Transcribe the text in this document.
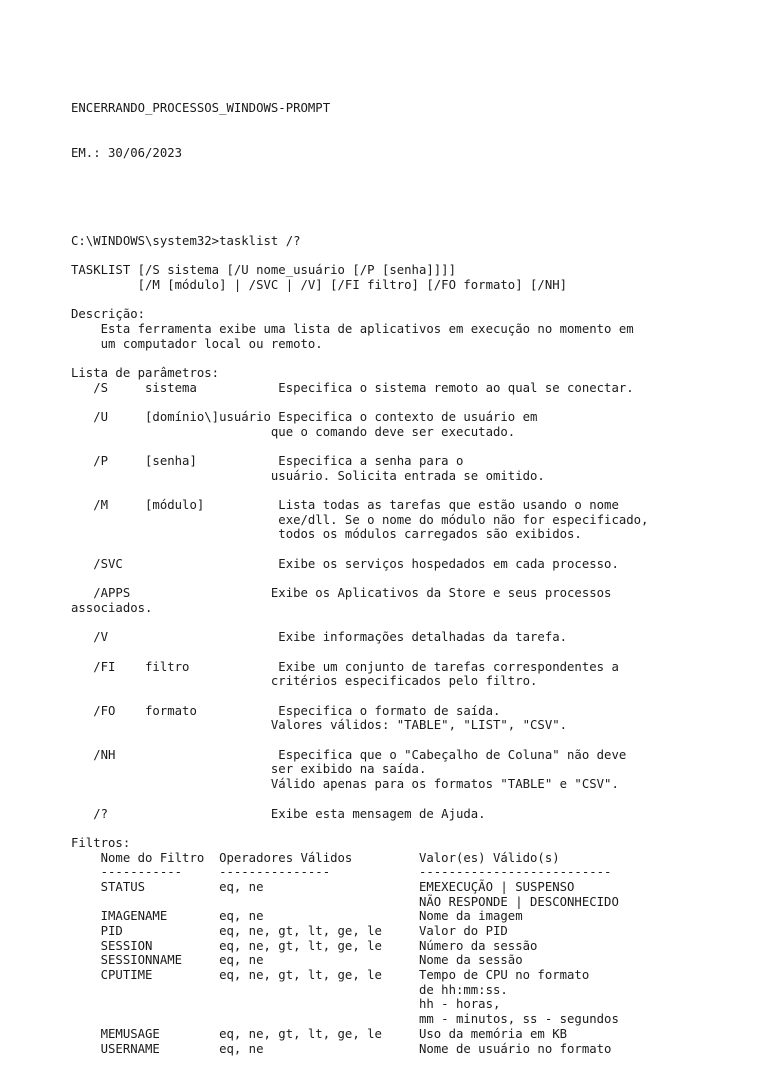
ENCERRANDO_PROCESSOS_WINDOWS-PROMPT

EM.: 30/06/2023

C:\WINDOWS\system32>tasklist /?
TASKLIST [/S sistema [/U nome_usuário [/P [senha]]]]
[/M [módulo] | /SVC | /V] [/FI filtro] [/FO formato] [/NH]
Descrição:
Esta ferramenta exibe uma lista de aplicativos em execução no momento em
um computador local ou remoto.
Lista de parâmetros:
/S     sistema           Especifica o sistema remoto ao qual se conectar.
/U     [domínio\]usuário Especifica o contexto de usuário em
que o comando deve ser executado.
/P     [senha]           Especifica a senha para o
usuário. Solicita entrada se omitido.
/M     [módulo]          Lista todas as tarefas que estão usando o nome
exe/dll. Se o nome do módulo não for especificado,
todos os módulos carregados são exibidos.
/SVC                     Exibe os serviços hospedados em cada processo.
/APPS                   Exibe os Aplicativos da Store e seus processos
associados.
/V                       Exibe informações detalhadas da tarefa.
/FI    filtro            Exibe um conjunto de tarefas correspondentes a
critérios especificados pelo filtro.
/FO    formato           Especifica o formato de saída.
Valores válidos: "TABLE", "LIST", "CSV".
/NH                      Especifica que o "Cabeçalho de Coluna" não deve
ser exibido na saída.
Válido apenas para os formatos "TABLE" e "CSV".
/?                      Exibe esta mensagem de Ajuda.
Filtros:
Nome do Filtro  Operadores Válidos         Valor(es) Válido(s)
-----------     ---------------            --------------------------
STATUS          eq, ne                     EMEXECUÇÃO | SUSPENSO
NÃO RESPONDE | DESCONHECIDO
IMAGENAME       eq, ne                     Nome da imagem
PID             eq, ne, gt, lt, ge, le     Valor do PID
SESSION         eq, ne, gt, lt, ge, le     Número da sessão
SESSIONNAME     eq, ne                     Nome da sessão
CPUTIME         eq, ne, gt, lt, ge, le     Tempo de CPU no formato
de hh:mm:ss.
hh - horas,
mm - minutos, ss - segundos
MEMUSAGE        eq, ne, gt, lt, ge, le     Uso da memória em KB
USERNAME        eq, ne                     Nome de usuário no formato
